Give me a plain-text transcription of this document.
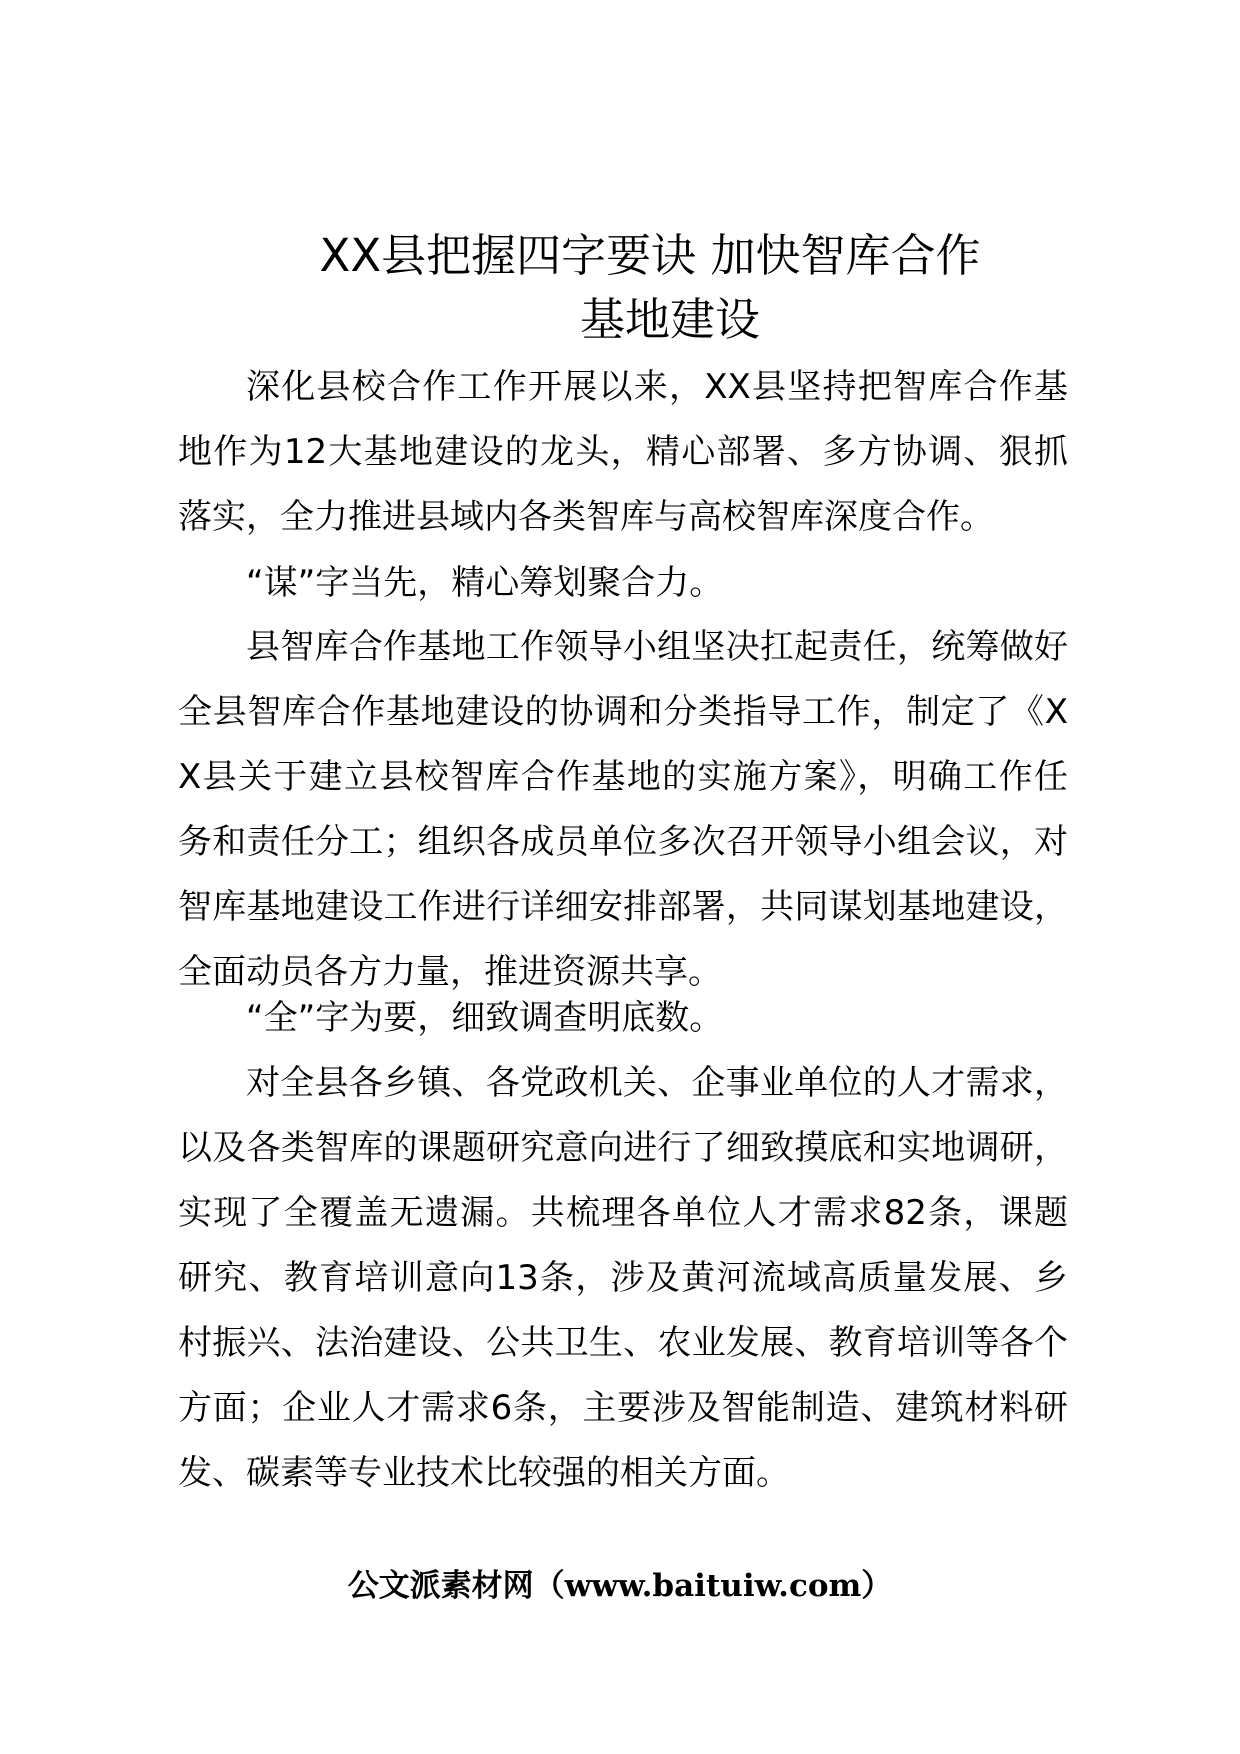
XX县把握四字要诀 加快智库合作
基地建设

深化县校合作工作开展以来，XX县坚持把智库合作基地作为12大基地建设的龙头，精心部署、多方协调、狠抓落实，全力推进县域内各类智库与高校智库深度合作。

“谋”字当先，精心筹划聚合力。

县智库合作基地工作领导小组坚决扛起责任，统筹做好全县智库合作基地建设的协调和分类指导工作，制定了《XX县关于建立县校智库合作基地的实施方案》，明确工作任务和责任分工；组织各成员单位多次召开领导小组会议，对智库基地建设工作进行详细安排部署，共同谋划基地建设，全面动员各方力量，推进资源共享。

“全”字为要，细致调查明底数。

对全县各乡镇、各党政机关、企事业单位的人才需求，以及各类智库的课题研究意向进行了细致摸底和实地调研，实现了全覆盖无遗漏。共梳理各单位人才需求82条，课题研究、教育培训意向13条，涉及黄河流域高质量发展、乡村振兴、法治建设、公共卫生、农业发展、教育培训等各个方面；企业人才需求6条，主要涉及智能制造、建筑材料研发、碳素等专业技术比较强的相关方面。

公文派素材网（www.baituiw.com）
